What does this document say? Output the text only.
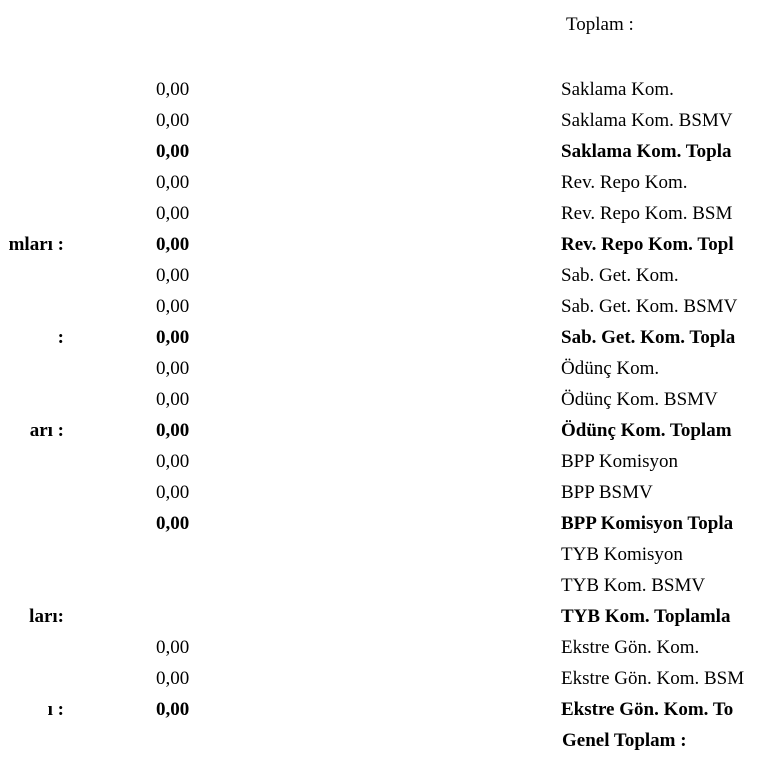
Toplam :
0,00	Saklama Kom.
0,00	Saklama Kom. BSMV
0,00	Saklama Kom. Topla
0,00	Rev. Repo Kom.
0,00	Rev. Repo Kom. BSM
mları :	0,00	Rev. Repo Kom. Topl
0,00	Sab. Get. Kom.
0,00	Sab. Get. Kom. BSMV
:	0,00	Sab. Get. Kom. Topla
0,00	Ödünç Kom.
0,00	Ödünç Kom. BSMV
arı :	0,00	Ödünç Kom. Toplam
0,00	BPP Komisyon
0,00	BPP BSMV
0,00	BPP Komisyon Topla
TYB Komisyon
TYB Kom. BSMV
ları:	TYB Kom. Toplamla
0,00	Ekstre Gön. Kom.
0,00	Ekstre Gön. Kom. BSM
ı :	0,00	Ekstre Gön. Kom. To
Genel Toplam :
